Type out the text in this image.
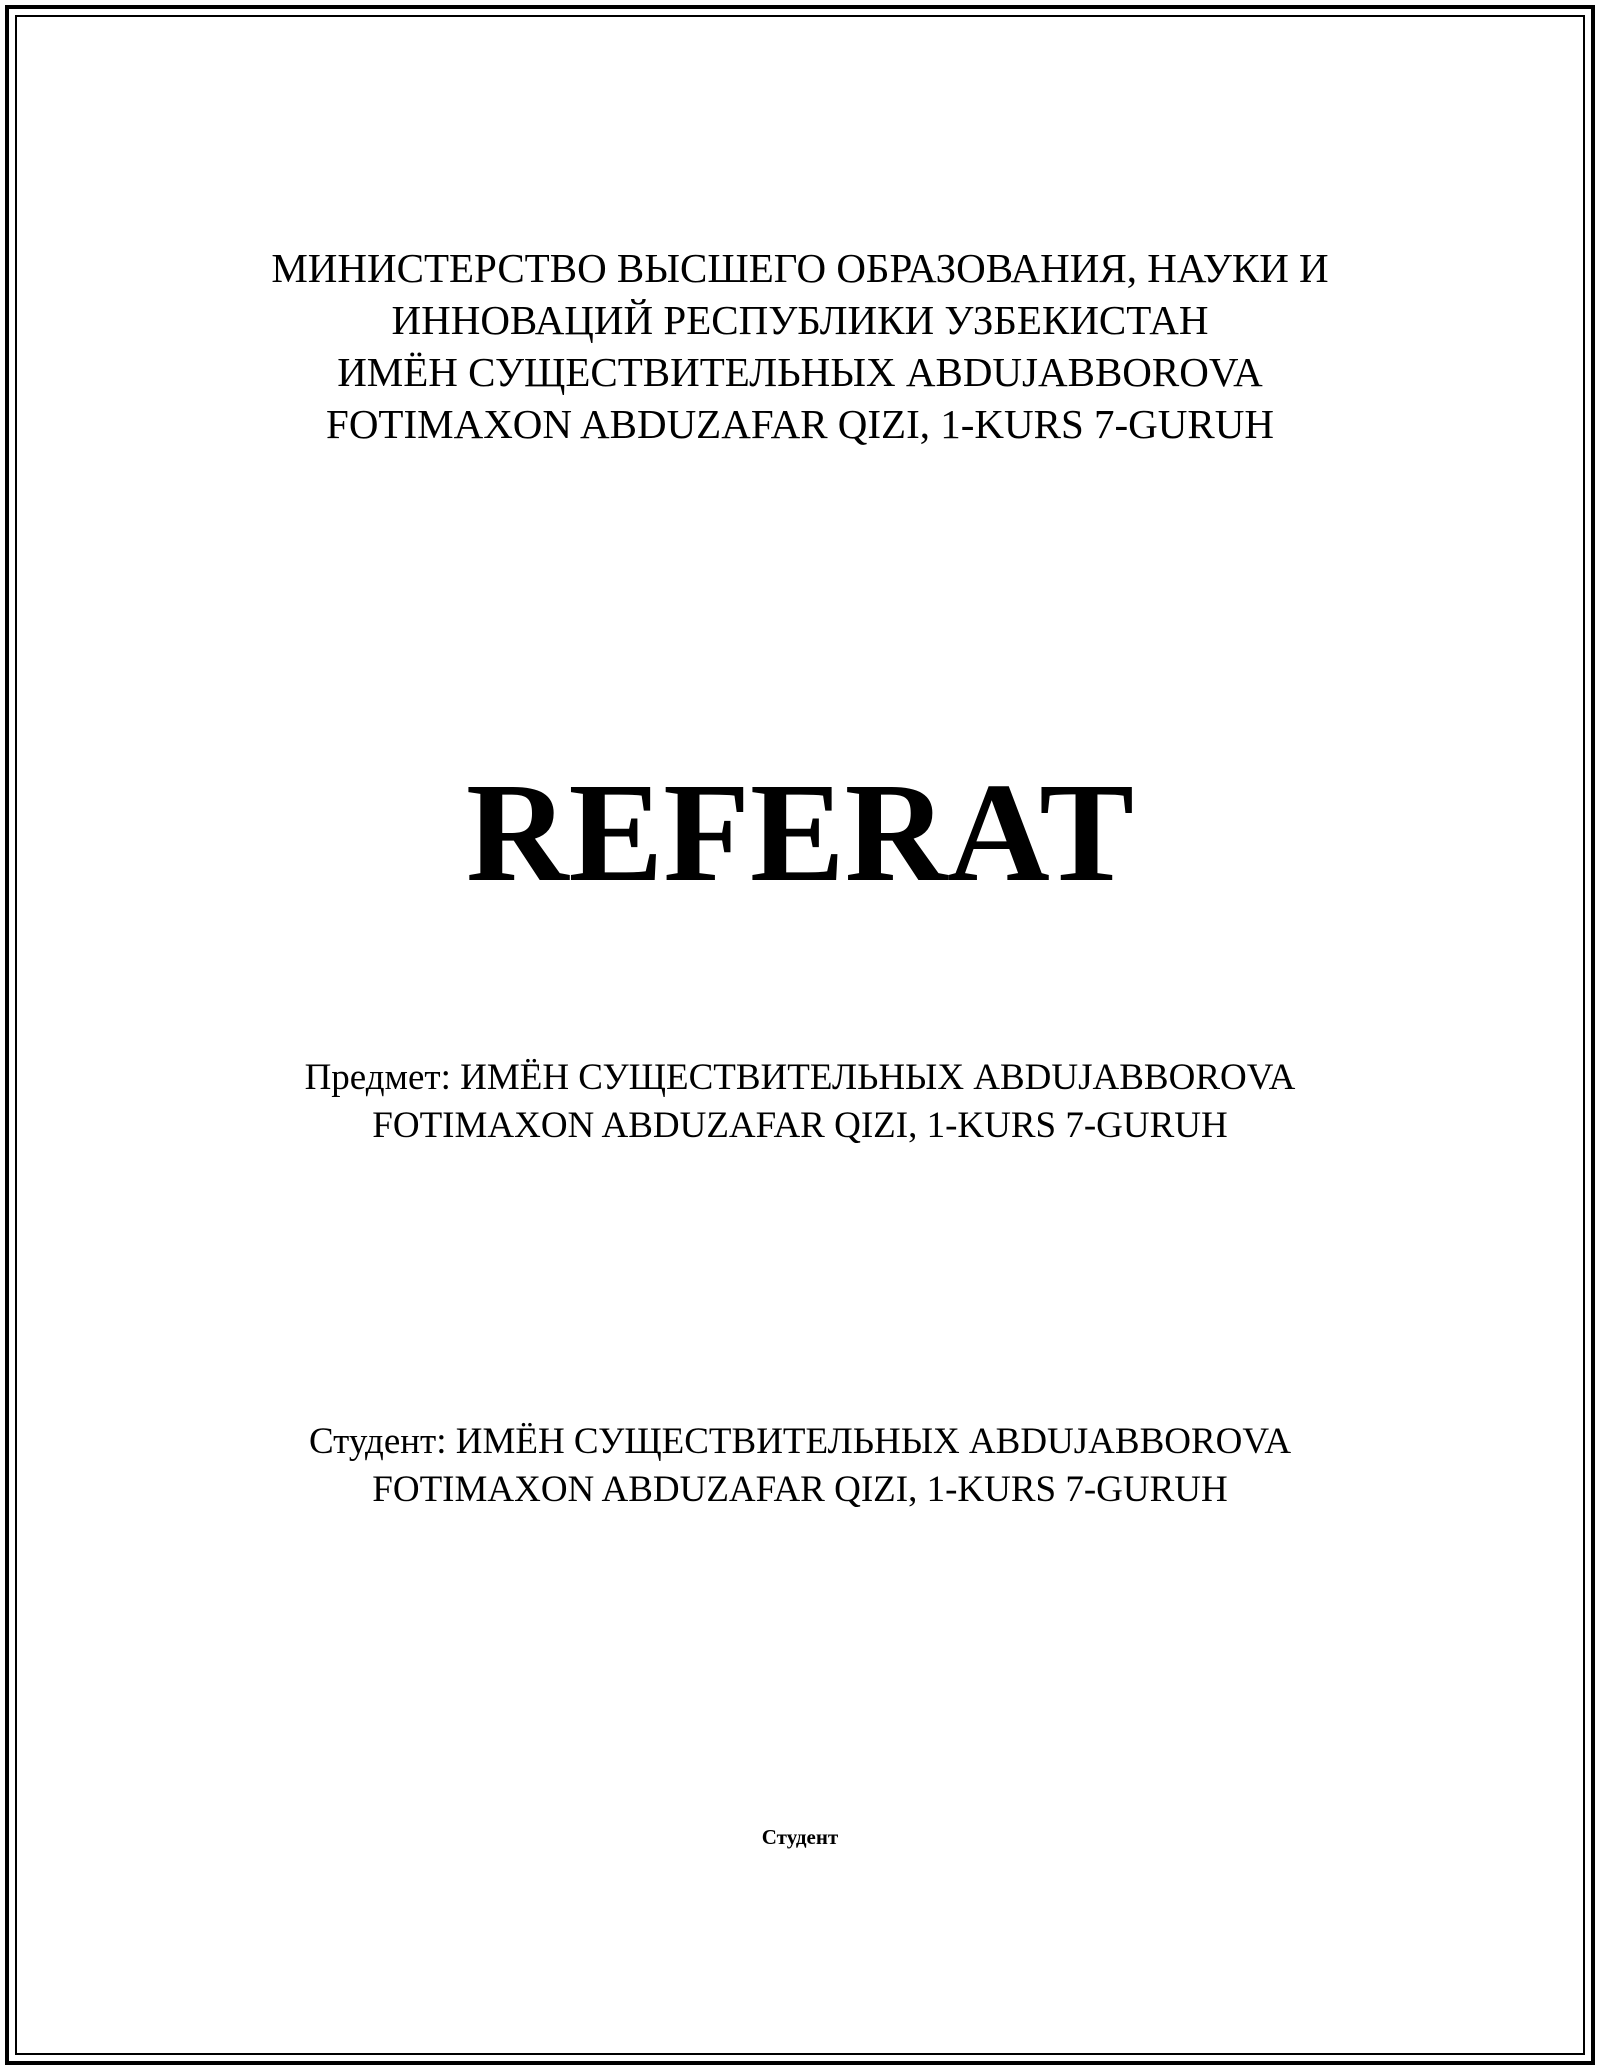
МИНИСТЕРСТВО ВЫСШЕГО ОБРАЗОВАНИЯ, НАУКИ И
ИННОВАЦИЙ РЕСПУБЛИКИ УЗБЕКИСТАН
ИМЁН СУЩЕСТВИТЕЛЬНЫХ ABDUJABBOROVA
FOTIMAXON ABDUZAFAR QIZI, 1-KURS 7-GURUH
REFERAT
Предмет: ИМЁН СУЩЕСТВИТЕЛЬНЫХ ABDUJABBOROVA
FOTIMAXON ABDUZAFAR QIZI, 1-KURS 7-GURUH
Студент: ИМЁН СУЩЕСТВИТЕЛЬНЫХ ABDUJABBOROVA
FOTIMAXON ABDUZAFAR QIZI, 1-KURS 7-GURUH
Студент
